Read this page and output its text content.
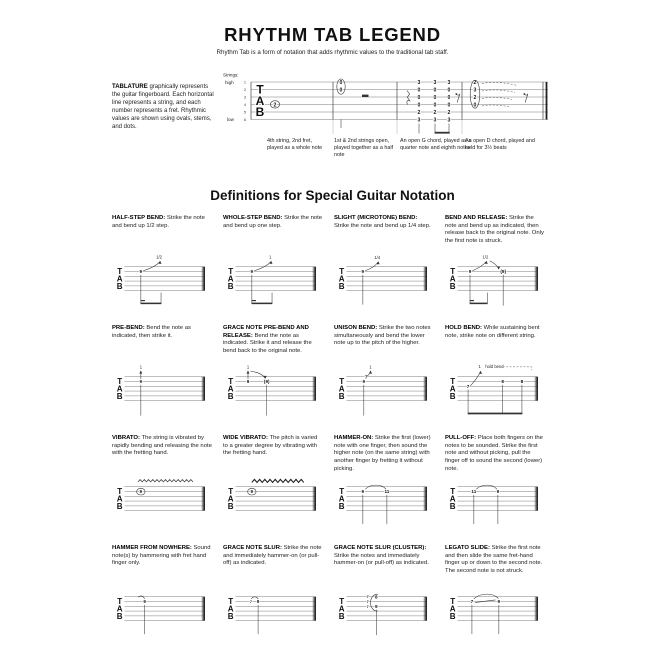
RHYTHM TAB LEGEND

Rhythm Tab is a form of notation that adds rhythmic values to the traditional tab staff.

TABLATURE graphically represents the guitar fingerboard. Each horizontal line represents a string, and each number represents a fret. Rhythmic values are shown using ovals, stems, and dots.

Strings:
high
low
1 2 3 4 5 6
T A B 2
0 0
3 0 0 0 2 3
3 0 0 0 2 3
3 0 0 0 2 3
2 3 2 0
4th string, 2nd fret, played as a whole note
1st & 2nd strings open, played together as a half note
An open G chord, played as a quarter note and eighth notes
An open D chord, played and held for 3½ beats
Definitions for Special Guitar Notation

HALF-STEP BEND: Strike the note and bend up 1/2 step.

T A B
9
1/2

WHOLE-STEP BEND: Strike the note and bend up one step.

T A B
9
1

SLIGHT (MICROTONE) BEND: Strike the note and bend up 1/4 step.

T A B
9
1/4

BEND AND RELEASE: Strike the note and bend up as indicated, then release back to the original note. Only the first note is struck.

T A B
9
1/2
(9)

PRE-BEND: Bend the note as indicated, then strike it.

T A B
9
1

GRACE NOTE PRE-BEND AND RELEASE: Bend the note as indicated. Strike it and release the bend back to the original note.

T A B
9
1
(9)

UNISON BEND: Strike the two notes simultaneously and bend the lower note up to the pitch of the higher.

T A B
7
9
1

HOLD BEND: While sustaining bent note, strike note on different string.

T A B
7
1 hold bend
8	8

VIBRATO: The string is vibrated by rapidly bending and releasing the note with the fretting hand.

T A B
9

WIDE VIBRATO: The pitch is varied to a greater degree by vibrating with the fretting hand.

T A B
9

HAMMER-ON: Strike the first (lower) note with one finger, then sound the higher note (on the same string) with another finger by fretting it without picking.

T A B
9	11

PULL-OFF: Place both fingers on the notes to be sounded. Strike the first note and without picking, pull the finger off to sound the second (lower) note.

T A B
11	9

HAMMER FROM NOWHERE: Sound note(s) by hammering with fret hand finger only.

T A B
9

GRACE NOTE SLUR: Strike the note and immediately hammer-on (or pull-off) as indicated.

T A B
7 9

GRACE NOTE SLUR (CLUSTER): Strike the notes and immediately hammer-on (or pull-off) as indicated.

T A B
7 7 7
8
9

LEGATO SLIDE: Strike the first note and then slide the same fret-hand finger up or down to the second note. The second note is not struck.

T A B
7	9
